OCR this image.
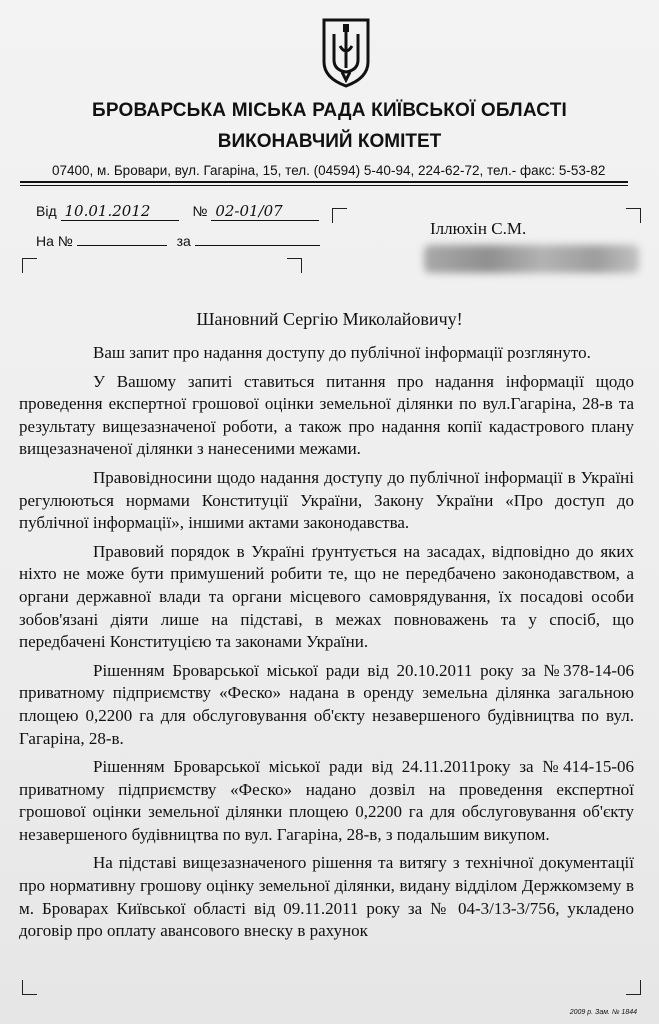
БРОВАРСЬКА МІСЬКА РАДА КИЇВСЬКОЇ ОБЛАСТІ
ВИКОНАВЧИЙ КОМІТЕТ
07400, м. Бровари, вул. Гагаріна, 15, тел. (04594) 5-40-94, 224-62-72, тел.- факс: 5-53-82
Від 10.01.2012	№ 02-01/07
На №	за
Іллюхін С.М.
Шановний Сергію Миколайовичу!

Ваш запит про надання доступу до публічної інформації розглянуто.

У Вашому запиті ставиться питання про надання інформації щодо проведення експертної грошової оцінки земельної ділянки по вул.Гагаріна, 28-в та результату вищезазначеної роботи, а також про надання копії кадастрового плану вищезазначеної ділянки з нанесеними межами.

Правовідносини щодо надання доступу до публічної інформації в Україні регулюються нормами Конституції України, Закону України «Про доступ до публічної інформації», іншими актами законодавства.

Правовий порядок в Україні ґрунтується на засадах, відповідно до яких ніхто не може бути примушений робити те, що не передбачено законодавством, а органи державної влади та органи місцевого самоврядування, їх посадові особи зобов'язані діяти лише на підставі, в межах повноважень та у спосіб, що передбачені Конституцією та законами України.

Рішенням Броварської міської ради від 20.10.2011 року за №378-14-06 приватному підприємству «Феско» надана в оренду земельна ділянка загальною площею 0,2200 га для обслуговування об'єкту незавершеного будівництва по вул. Гагаріна, 28-в.

Рішенням Броварської міської ради від 24.11.2011року за №414-15-06 приватному підприємству «Феско» надано дозвіл на проведення експертної грошової оцінки земельної ділянки площею 0,2200 га для обслуговування об'єкту незавершеного будівництва по вул. Гагаріна, 28-в, з подальшим викупом.

На підставі вищезазначеного рішення та витягу з технічної документації про нормативну грошову оцінку земельної ділянки, видану відділом Держкомзему в м. Броварах Київської області від 09.11.2011 року за № 04-3/13-3/756, укладено договір про оплату авансового внеску в рахунок

2009 р. Зам. № 1844
